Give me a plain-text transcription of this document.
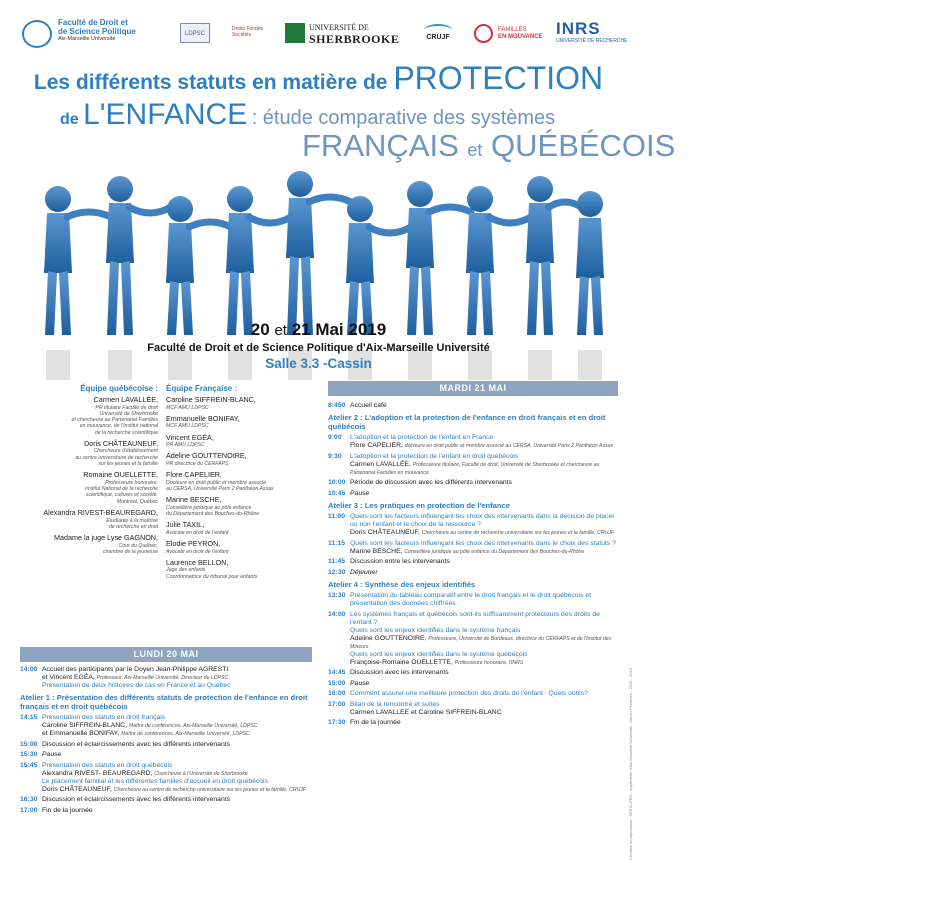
Faculté de Droit et
de Science Politique
Aix-Marseille Université
LDPSC
Droits Fondés Sociétés
UNIVERSITÉ DE
SHERBROOKE	CRUJF
FAMILLES
EN MOUVANCE INRS
UNIVERSITÉ DE RECHERCHE
Les différents statuts en matière de PROTECTION
de L'ENFANCE : étude comparative des systèmes
FRANÇAIS et QUÉBÉCOIS
20 et 21 Mai 2019
Faculté de Droit et de Science Politique d'Aix-Marseille Université
Salle 3.3 -Cassin
Équipe québécoise :
Carmen LAVALLÉE,
PR titulaire Faculté de droit
Université de Sherbrooke
et chercheure au Partenariat Familles
en mouvance, de l'Institut national
de la recherche scientifique
Doris CHÂTEAUNEUF,
Chercheure d'établissement
au centre universitaire de recherche
sur les jeunes et la famille
Romaine OUELLETTE,
Professeure honoraire,
Institut National de la recherche
scientifique, cultures et société.
Montréal, Québec
Alexandra RIVEST-BEAUREGARD,
Étudiante à la maîtrise
de recherche en droit
Madame la juge Lyse GAGNON,
Cour du Québec,
chambre de la jeunesse
Équipe Française :
Caroline SIFFREIN-BLANC,
MCF AMU LDPSC
Emmanuelle BONIFAY,
MCF AMU LDPSC
Vincent EGÉA,
PR AMU LDPSC
Adeline GOUTTENOIRE,
PR directrice du CERFAPS
Flore CAPELIER,
Docteure en droit public et membre associé
au CERSA, Université Paris 2 Panthéon Assas
Marine BESCHE,
Conseillère juridique au pôle enfance
du Département des Bouches-du-Rhône
Julie TAXIL,
Avocate en droit de l'enfant
Elodie PEYRON,
Avocate en droit de l'enfant
Laurence BELLON,
Juge des enfants
Coordonnatrice du tribunal pour enfants
MARDI 21 MAI
8:450 Accueil café
Atelier 2 : L'adoption et la protection de l'enfance en droit français et en droit québécois
9:00 L'adoption et la protection de l'enfant en France
Flore CAPELIER, docteure en droit public et membre associé au CERSA, Université Paris 2 Panthéon Assas
9:30 L'adoption et la protection de l'enfant en droit québécois
Carmen LAVALLÉE, Professeure titulaire, Faculté de droit, Université de Sherbrooke et chercheure au Partenariat Familles en mouvance.
10:00 Période de discussion avec les différents intervenants
10:45 Pause
Atelier 3 : Les pratiques en protection de l'enfance
11:00 Quels sont les facteurs influençant les choix des intervenants dans la décision de placer ou non l'enfant et le choix de la ressource ?
Doris CHÂTEAUNEUF, Chercheure au centre de recherche universitaire sur les jeunes et la famille, CRUJF
11:15 Quels sont les facteurs influençant les choix des intervenants dans le choix des statuts ?
Marine BESCHE, Conseillère juridique au pôle enfance du Département des Bouches-du-Rhône
11:45 Discussion entre les intervenants
12:30 Déjeuner
Atelier 4 : Synthèse des enjeux identifiés
13:30 Présentation du tableau comparatif entre le droit français et le droit québécois et présentation des données chiffrées
14:00 Les systèmes français et québécois sont-ils suffisamment protecteurs des droits de l'enfant ?
Quels sont les enjeux identifiés dans le système français
Adeline GOUTTENOIRE, Professeure, Université de Bordeaux, directrice du CERFAPS et de l'Institut des Mineurs
Quels sont les enjeux identifiés dans le système québécois
Françoise-Romaine OUELLETTE, Professeure honoraire, l'INRS
14:45 Discussion avec les intervenants
15:00 Pause
16:00 Comment assurer une meilleure protection des droits de l'enfant : Quels outils?
17:00 Bilan de la rencontre et suites
Carmen LAVALLEE et Caroline SIFFREIN-BLANC
17:30 Fin de la journée
LUNDI 20 MAI
14:00 Accueil des participants par le Doyen Jean-Philippe AGRESTI
et Vincent EGÉA, Professeur, Aix-Marseille Université, Directeur du LDPSC
Présentation de deux histoires de cas en France et au Québec
Atelier 1 : Présentation des différents statuts de protection de l'enfance en droit français et en droit québécois
14:15 Présentation des statuts en droit français
Caroline SIFFREIN-BLANC, Maître de conférences, Aix-Marseille Université, LDPSC
et Emmanuelle BONIFAY, Maître de conférences, Aix-Marseille Université, LDPSC
15:00 Discussion et éclaircissements avec les différents intervenants
15:30 Pause
15:45 Présentation des statuts en droit québécois
Alexandra RIVEST- BEAUREGARD, Chercheure à l'Université de Sherbrooke
Le placement familial et les différentes familles d'accueil en droit québécois
Doris CHÂTEAUNEUF, Chercheure au centre de recherche universitaire sur les jeunes et la famille, CRUJF
16:30 Discussion et éclaircissements avec les différents intervenants
17:00 Fin de la journée	Création et impression : SERIG-PRO - Imprimerie d'Aix-Marseille Université - Aix-en-Provence - 2019 - 2019
